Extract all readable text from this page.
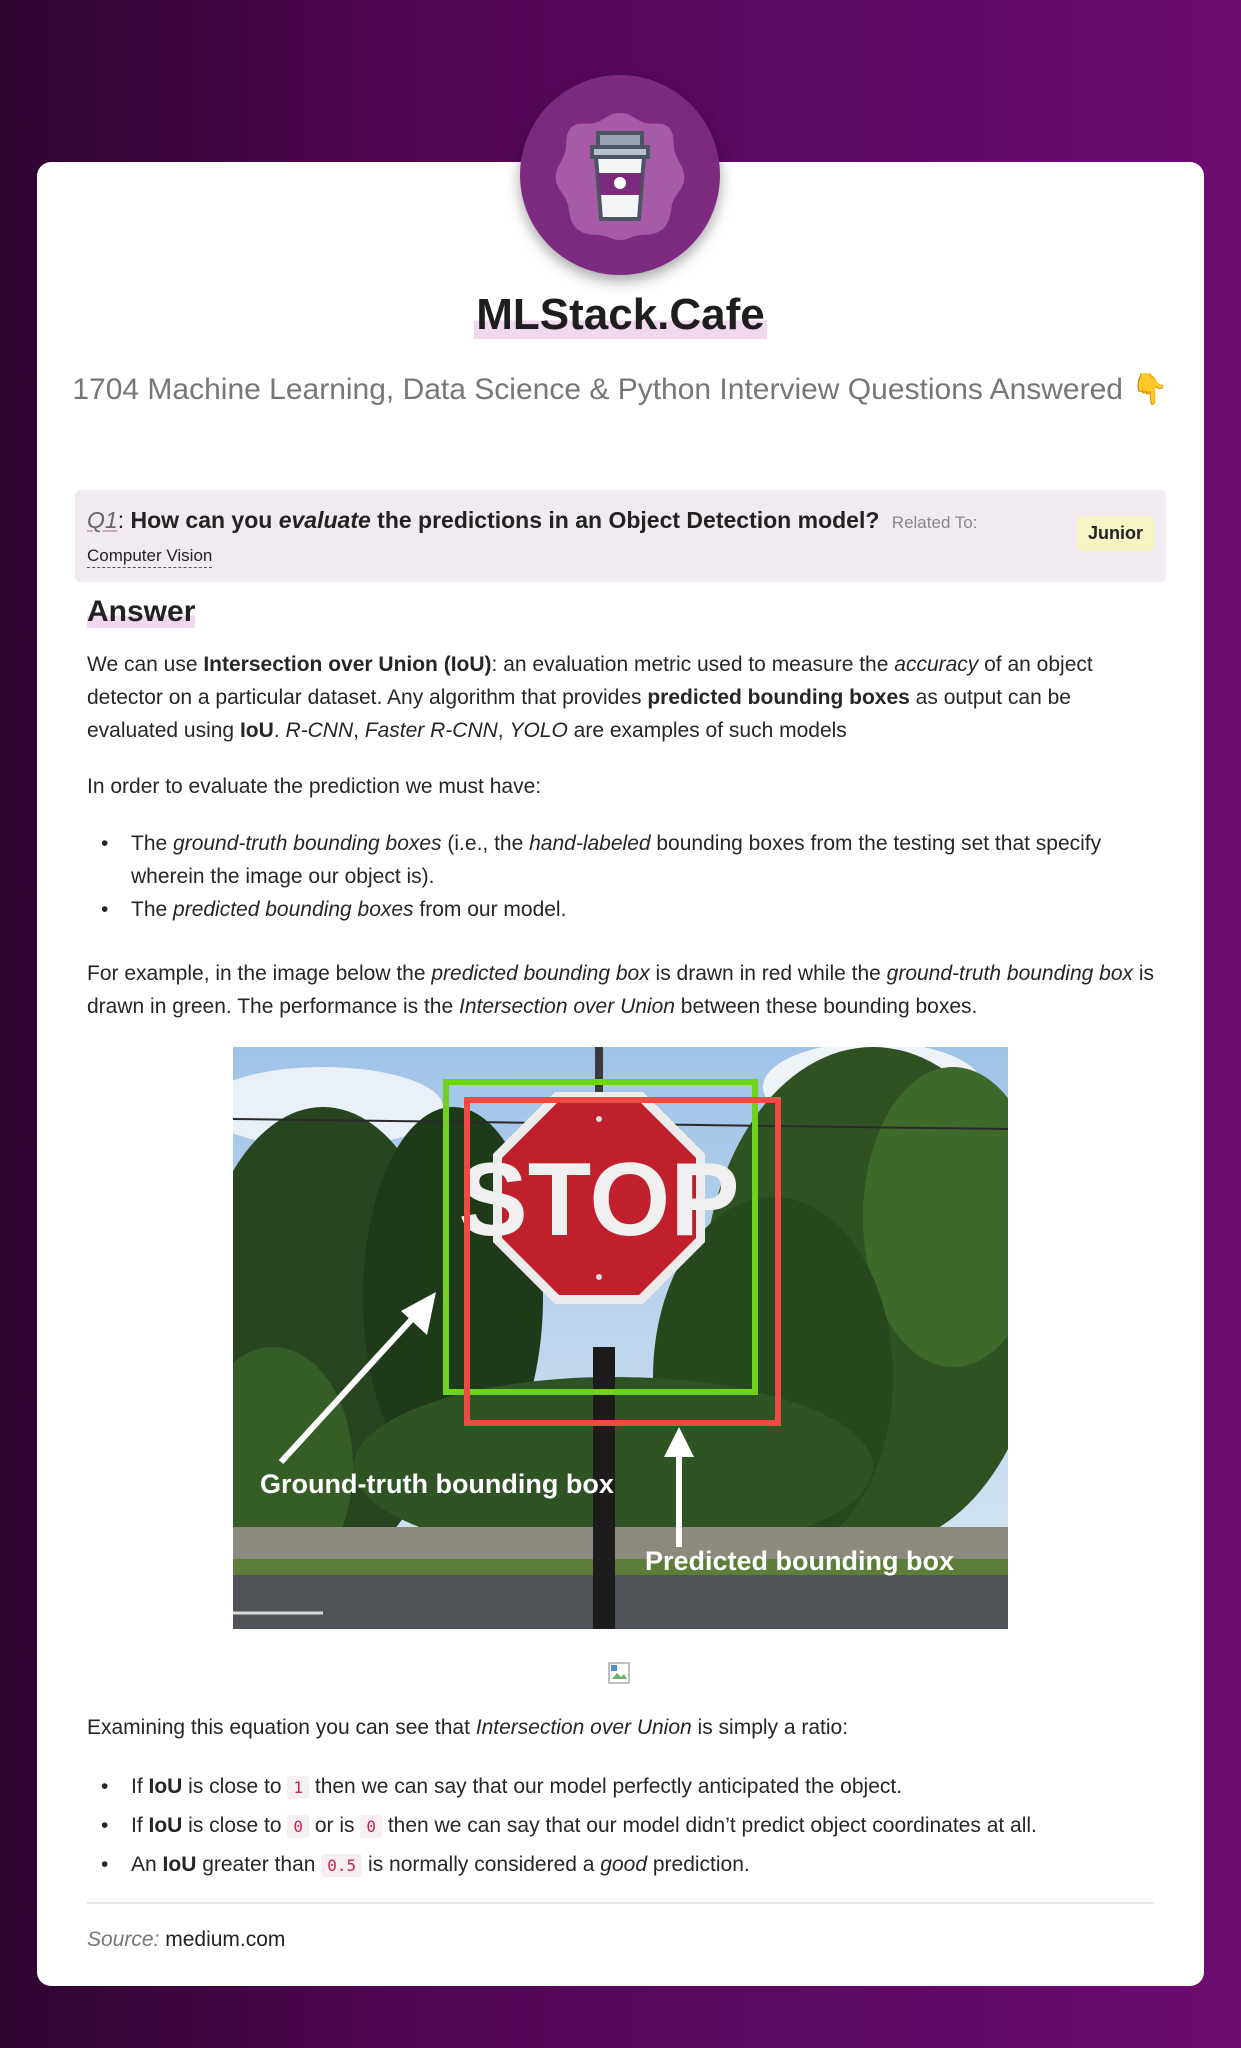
MLStack.Cafe
1704 Machine Learning, Data Science & Python Interview Questions Answered 👇
Q1: How can you evaluate the predictions in an Object Detection model? Related To:
Computer Vision
Junior
Answer

We can use Intersection over Union (IoU): an evaluation metric used to measure the accuracy of an object detector on a particular dataset. Any algorithm that provides predicted bounding boxes as output can be evaluated using IoU. R-CNN, Faster R-CNN, YOLO are examples of such models

In order to evaluate the prediction we must have:

• The ground-truth bounding boxes (i.e., the hand-labeled bounding boxes from the testing set that specify wherein the image our object is).
• The predicted bounding boxes from our model.

For example, in the image below the predicted bounding box is drawn in red while the ground-truth bounding box is drawn in green. The performance is the Intersection over Union between these bounding boxes.

STOP
Ground-truth bounding box
Predicted bounding box

Examining this equation you can see that Intersection over Union is simply a ratio:

• If IoU is close to 1 then we can say that our model perfectly anticipated the object.
• If IoU is close to 0 or is 0 then we can say that our model didn’t predict object coordinates at all.
• An IoU greater than 0.5 is normally considered a good prediction.
Source: medium.com
